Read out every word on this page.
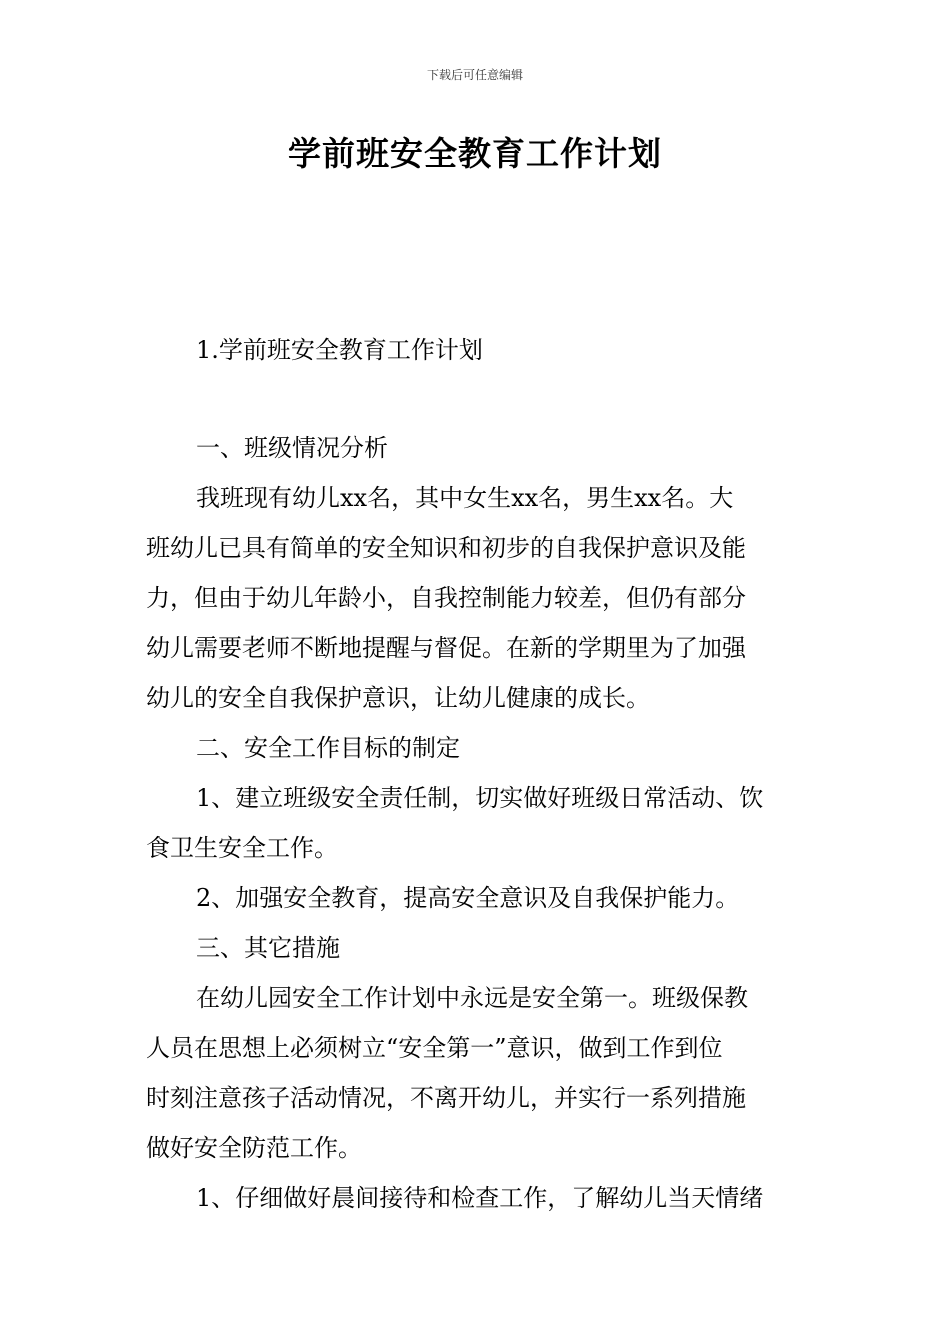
下载后可任意编辑
学前班安全教育工作计划
1.学前班安全教育工作计划
一、班级情况分析
我班现有幼儿xx名，其中女生xx名，男生xx名。大
班幼儿已具有简单的安全知识和初步的自我保护意识及能
力，但由于幼儿年龄小，自我控制能力较差，但仍有部分
幼儿需要老师不断地提醒与督促。在新的学期里为了加强
幼儿的安全自我保护意识，让幼儿健康的成长。
二、安全工作目标的制定
1、建立班级安全责任制，切实做好班级日常活动、饮
食卫生安全工作。
2、加强安全教育，提高安全意识及自我保护能力。
三、其它措施
在幼儿园安全工作计划中永远是安全第一。班级保教
人员在思想上必须树立“安全第一”意识，做到工作到位
时刻注意孩子活动情况，不离开幼儿，并实行一系列措施
做好安全防范工作。
1、仔细做好晨间接待和检查工作，了解幼儿当天情绪
